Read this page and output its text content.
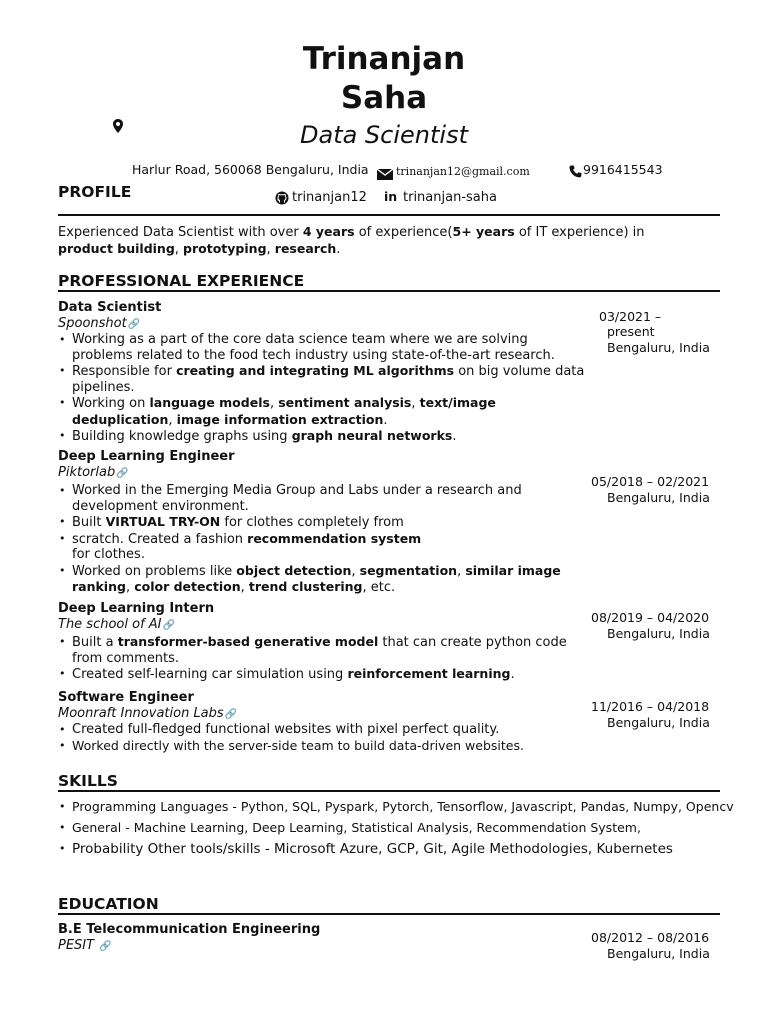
Trinanjan
Saha
Data Scientist
Harlur Road, 560068 Bengaluru, India trinanjan12@gmail.com	9916415543
trinanjan12 in trinanjan-saha
PROFILE
Experienced Data Scientist with over 4 years of experience(5+ years of IT experience) in
product building, prototyping, research.
PROFESSIONAL EXPERIENCE
Data Scientist
Spoonshot🔗
03/2021 –
present
Bengaluru, India
• Working as a part of the core data science team where we are solving problems related to the food tech industry using state-of-the-art research.
• Responsible for creating and integrating ML algorithms on big volume data pipelines.
• Working on language models, sentiment analysis, text/image deduplication, image information extraction.
• Building knowledge graphs using graph neural networks.
Deep Learning Engineer
Piktorlab🔗
05/2018 – 02/2021
Bengaluru, India
• Worked in the Emerging Media Group and Labs under a research and development environment.
• Built VIRTUAL TRY-ON for clothes completely from
• scratch. Created a fashion recommendation system
for clothes.
• Worked on problems like object detection, segmentation, similar image ranking, color detection, trend clustering, etc.
Deep Learning Intern
The school of AI🔗
08/2019 – 04/2020
Bengaluru, India
• Built a transformer-based generative model that can create python code from comments.
• Created self-learning car simulation using reinforcement learning.
Software Engineer
Moonraft Innovation Labs🔗
11/2016 – 04/2018
Bengaluru, India
• Created full-fledged functional websites with pixel perfect quality.
• Worked directly with the server-side team to build data-driven websites.
SKILLS
• Programming Languages - Python, SQL, Pyspark, Pytorch, Tensorflow, Javascript, Pandas, Numpy, Opencv
• General - Machine Learning, Deep Learning, Statistical Analysis, Recommendation System,
• Probability Other tools/skills - Microsoft Azure, GCP, Git, Agile Methodologies, Kubernetes
EDUCATION
B.E Telecommunication Engineering
PESIT 🔗
08/2012 – 08/2016
Bengaluru, India
